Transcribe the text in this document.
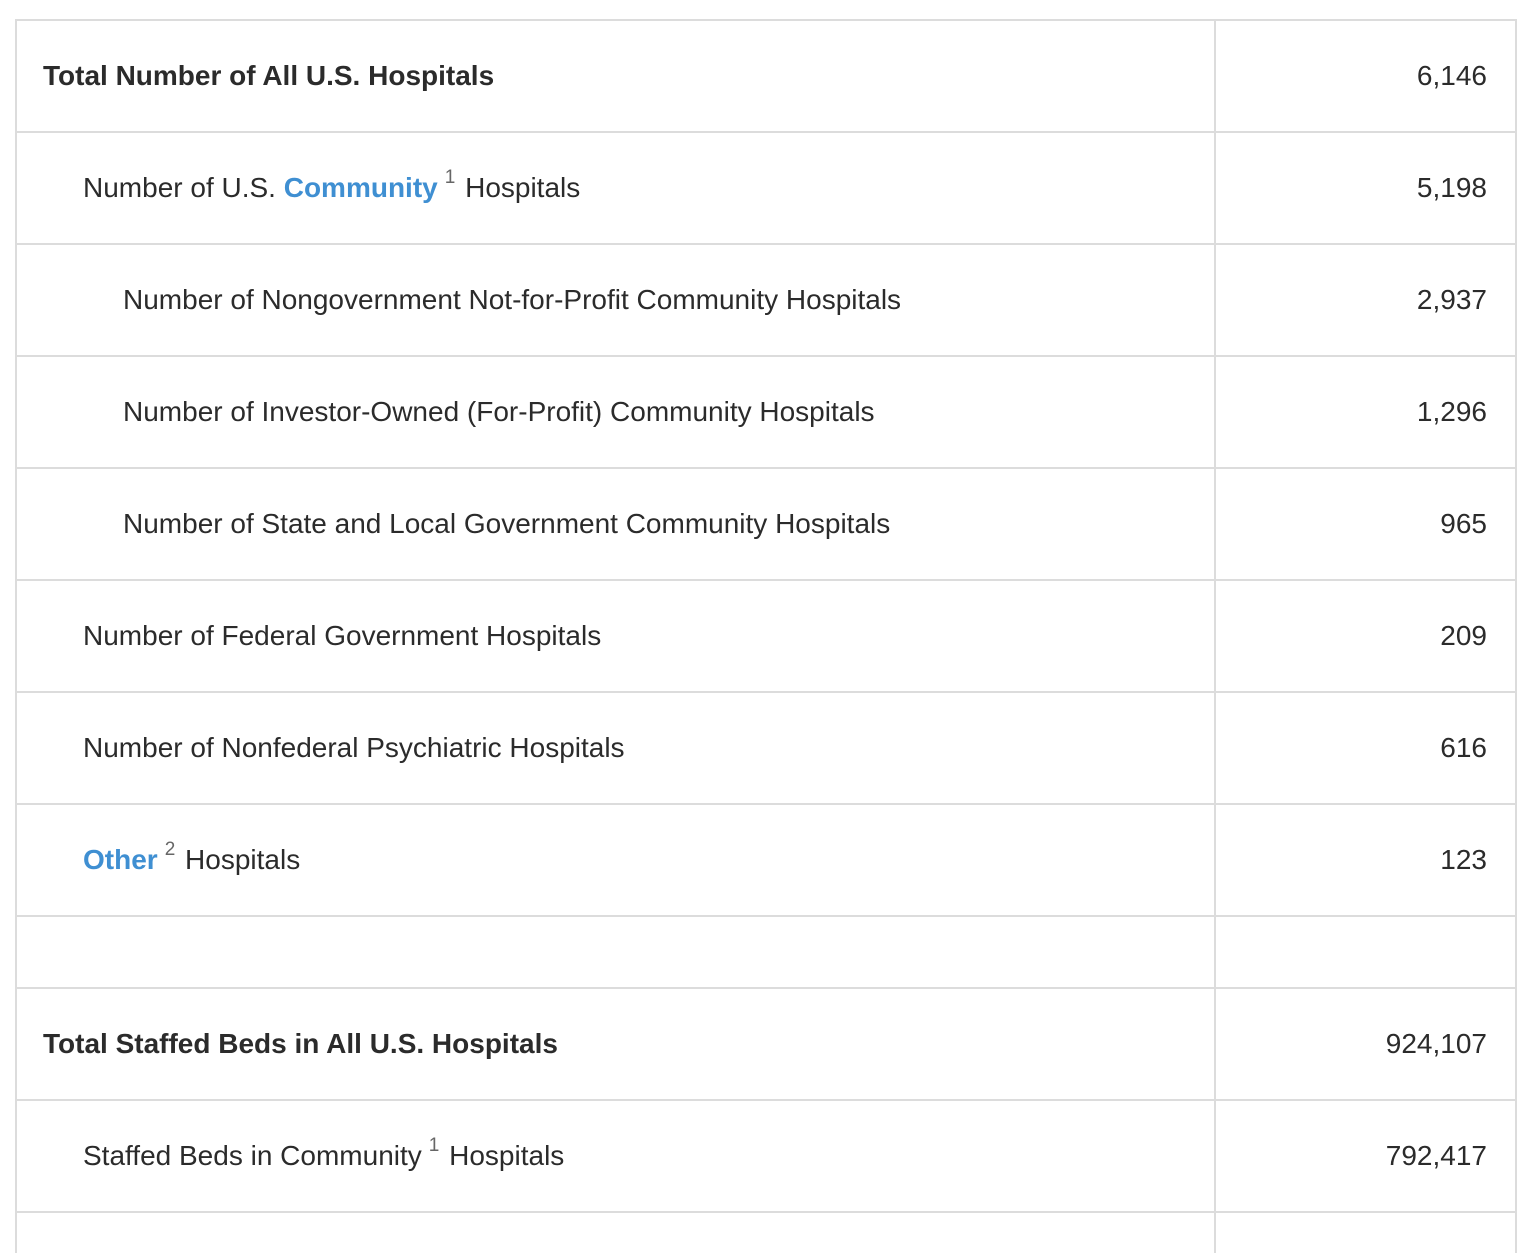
Total Number of All U.S. Hospitals	6,146
Number of U.S. Community $^1$ Hospitals	5,198
Number of Nongovernment Not-for-Profit Community Hospitals	2,937
Number of Investor-Owned (For-Profit) Community Hospitals	1,296
Number of State and Local Government Community Hospitals	965
Number of Federal Government Hospitals	209
Number of Nonfederal Psychiatric Hospitals	616
Other $^2$ Hospitals	123

Total Staffed Beds in All U.S. Hospitals	924,107
Staffed Beds in Community $^1$ Hospitals	792,417
